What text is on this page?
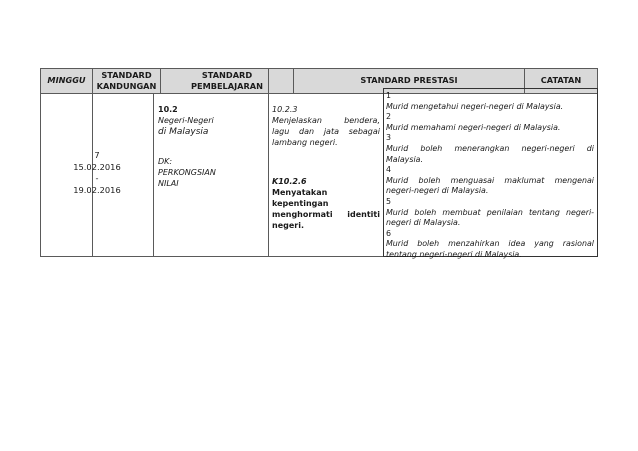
MINGGU	STANDARD
KANDUNGAN
STANDARD
PEMBELAJARAN
STANDARD PRESTASI	CATATAN
7
15.02.2016
-
19.02.2016
10.2
Negeri-Negeri
di Malaysia
DK:
PERKONGSIAN
NILAI
10.2.3
Menjelaskan bendera,
lagu dan jata sebagai
lambang negeri.
K10.2.6
Menyatakan kepentingan
menghormati identiti
negeri.
1
Murid mengetahui negeri-negeri di Malaysia.
2
Murid memahami negeri-negeri di Malaysia.
3
Murid boleh menerangkan negeri-negeri di
Malaysia.
4
Murid boleh menguasai maklumat mengenai
negeri-negeri di Malaysia.
5
Murid boleh membuat penilaian tentang negeri-
negeri di Malaysia.
6
Murid boleh menzahirkan idea yang rasional
tentang negeri-negeri di Malaysia.
